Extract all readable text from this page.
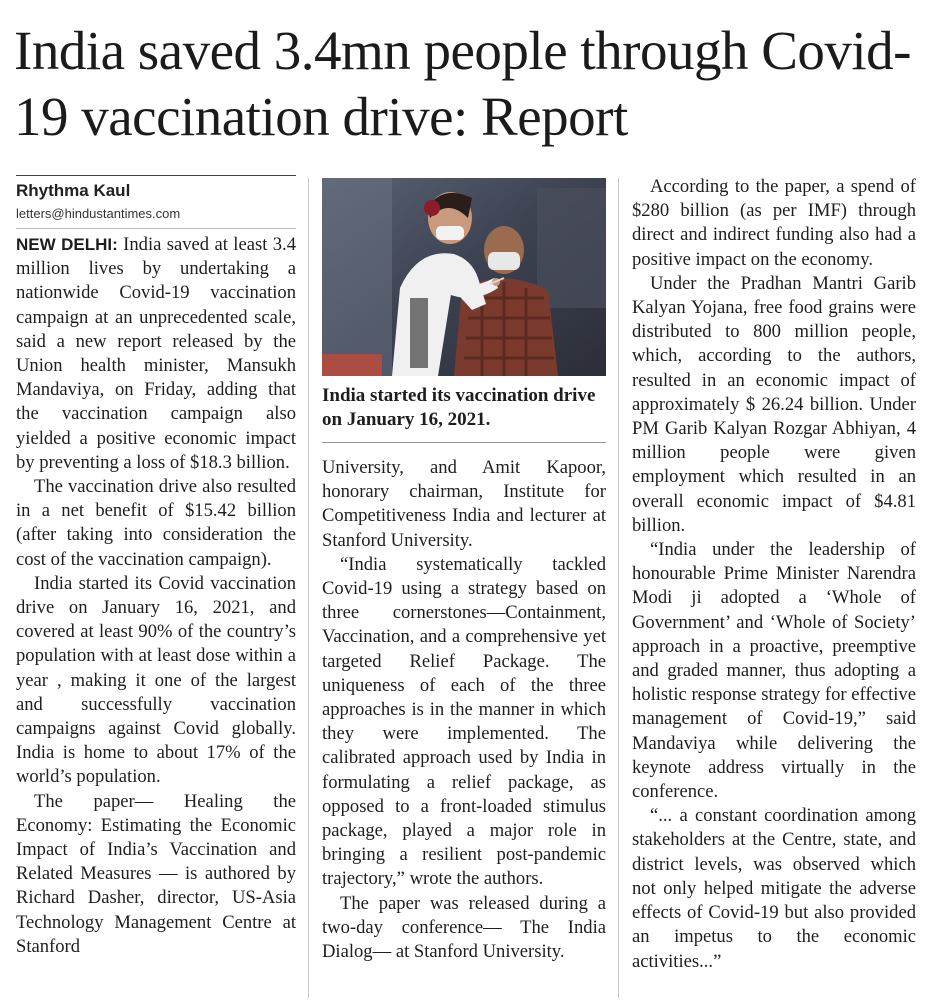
India saved 3.4mn people through Covid-19 vaccination drive: Report
Rhythma Kaul
letters@hindustantimes.com

NEW DELHI: India saved at least 3.4 million lives by undertaking a nationwide Covid-19 vaccination campaign at an unprecedented scale, said a new report released by the Union health minister, Mansukh Mandaviya, on Friday, adding that the vaccination campaign also yielded a positive economic impact by preventing a loss of $18.3 billion.

The vaccination drive also resulted in a net benefit of $15.42 billion (after taking into consideration the cost of the vaccination campaign).

India started its Covid vaccination drive on January 16, 2021, and covered at least 90% of the country’s population with at least dose within a year , making it one of the largest and successfully vaccination campaigns against Covid globally. India is home to about 17% of the world’s population.

The paper— Healing the Economy: Estimating the Economic Impact of India’s Vaccination and Related Measures — is authored by Richard Dasher, director, US-Asia Technology Management Centre at Stanford

India started its vaccination drive on January 16, 2021.

University, and Amit Kapoor, honorary chairman, Institute for Competitiveness India and lecturer at Stanford University.

“India systematically tackled Covid-19 using a strategy based on three cornerstones—Containment, Vaccination, and a comprehensive yet targeted Relief Package. The uniqueness of each of the three approaches is in the manner in which they were implemented. The calibrated approach used by India in formulating a relief package, as opposed to a front-loaded stimulus package, played a major role in bringing a resilient post-pandemic trajectory,” wrote the authors.

The paper was released during a two-day conference— The India Dialog— at Stanford University.

According to the paper, a spend of $280 billion (as per IMF) through direct and indirect funding also had a positive impact on the economy.

Under the Pradhan Mantri Garib Kalyan Yojana, free food grains were distributed to 800 million people, which, according to the authors, resulted in an economic impact of approximately $ 26.24 billion. Under PM Garib Kalyan Rozgar Abhiyan, 4 million people were given employment which resulted in an overall economic impact of $4.81 billion.

“India under the leadership of honourable Prime Minister Narendra Modi ji adopted a ‘Whole of Government’ and ‘Whole of Society’ approach in a proactive, preemptive and graded manner, thus adopting a holistic response strategy for effective management of Covid-19,” said Mandaviya while delivering the keynote address virtually in the conference.

“... a constant coordination among stakeholders at the Centre, state, and district levels, was observed which not only helped mitigate the adverse effects of Covid-19 but also provided an impetus to the economic activities...”
